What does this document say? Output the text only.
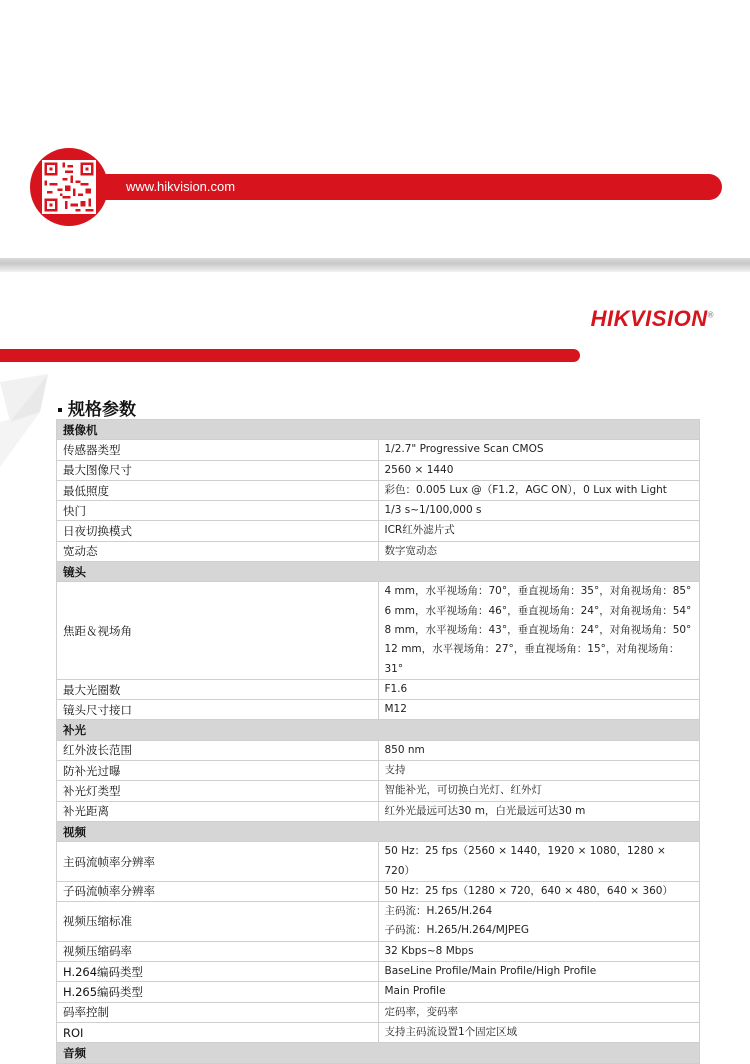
www.hikvision.com
HIKVISION®
规格参数
摄像机	
传感器类型	1/2.7" Progressive Scan CMOS

最大图像尺寸	2560 × 1440

最低照度	彩色：0.005 Lux @（F1.2，AGC ON），0 Lux with Light

快门	1/3 s~1/100,000 s

日夜切换模式	ICR红外滤片式

宽动态	数字宽动态

镜头	
焦距＆视场角	4 mm，水平视场角：70°，垂直视场角：35°，对角视场角：85°
6 mm，水平视场角：46°，垂直视场角：24°，对角视场角：54°
8 mm，水平视场角：43°，垂直视场角：24°，对角视场角：50°
12 mm，水平视场角：27°，垂直视场角：15°，对角视场角：31°

最大光圈数	F1.6

镜头尺寸接口	M12

补光	
红外波长范围	850 nm

防补光过曝	支持

补光灯类型	智能补光，可切换白光灯、红外灯

补光距离	红外光最远可达30 m，白光最远可达30 m

视频	
主码流帧率分辨率	50 Hz：25 fps（2560 × 1440，1920 × 1080，1280 × 720）

子码流帧率分辨率	50 Hz：25 fps（1280 × 720，640 × 480，640 × 360）

视频压缩标准	主码流：H.265/H.264
子码流：H.265/H.264/MJPEG

视频压缩码率	32 Kbps~8 Mbps

H.264编码类型	BaseLine Profile/Main Profile/High Profile

H.265编码类型	Main Profile

码率控制	定码率，变码率

ROI	支持主码流设置1个固定区域

音频	
